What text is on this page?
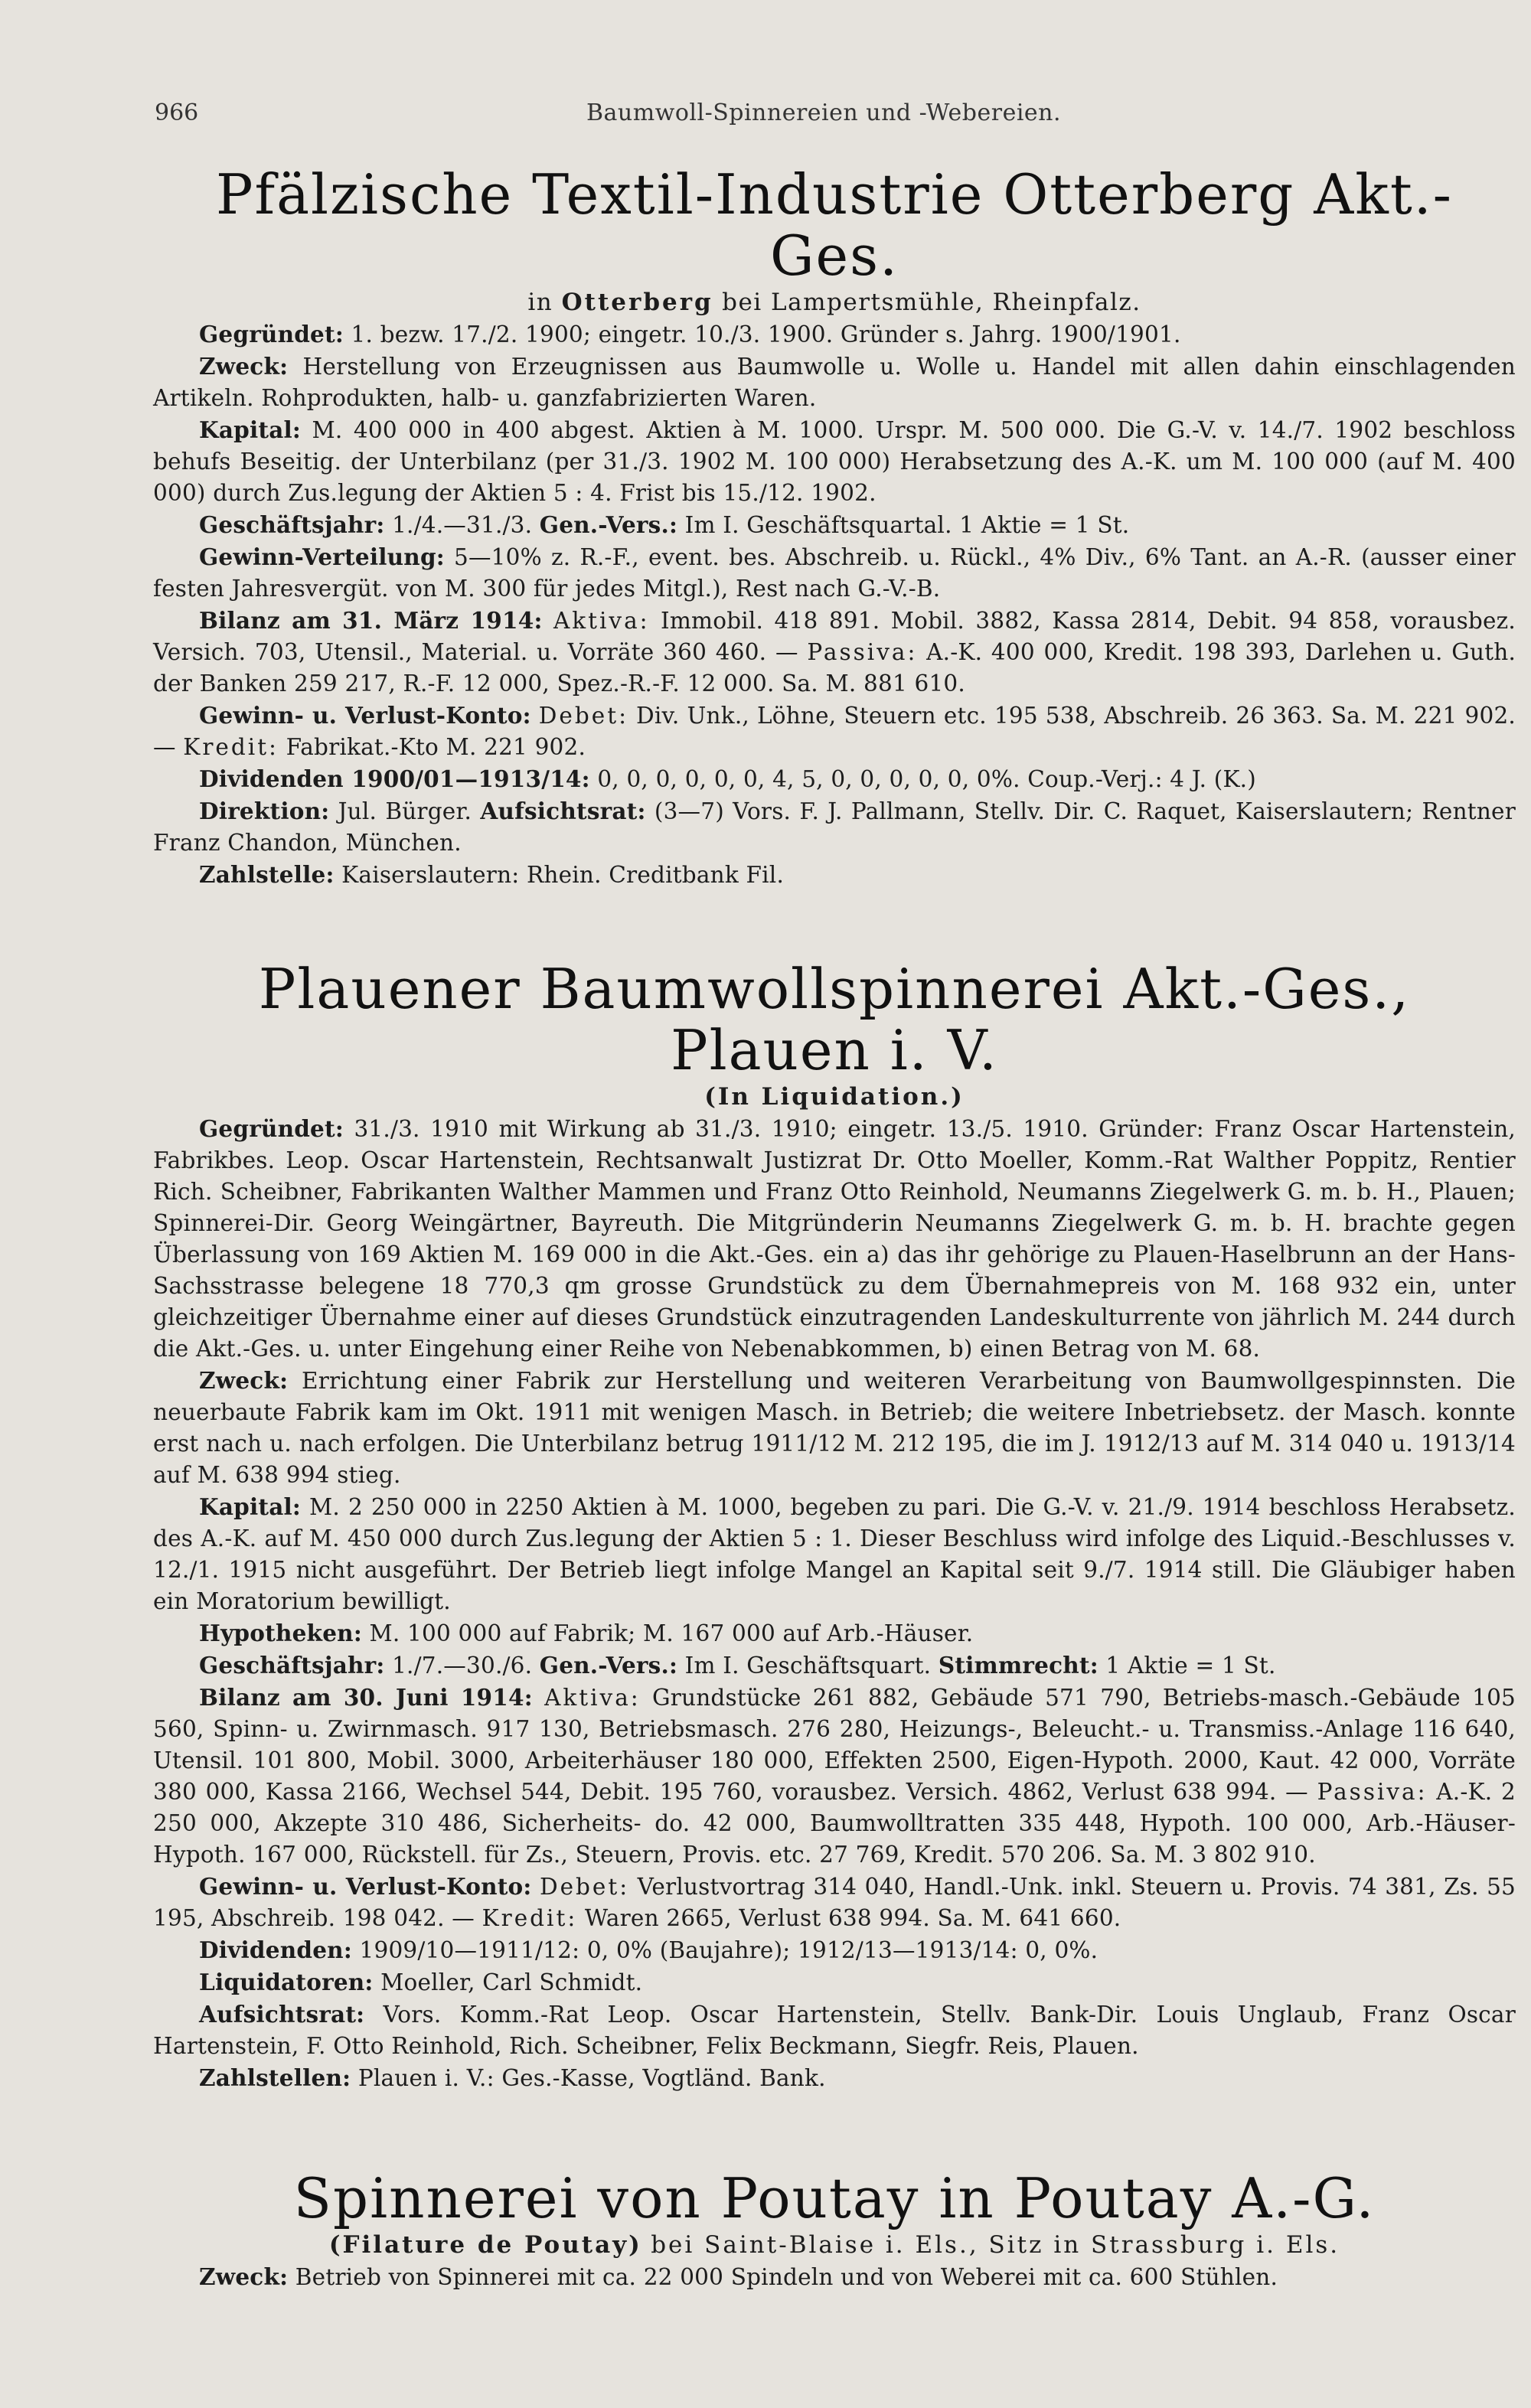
966	Baumwoll-Spinnereien und -Webereien.
Pfälzische Textil-Industrie Otterberg Akt.-Ges.
in Otterberg bei Lampertsmühle, Rheinpfalz.

Gegründet: 1. bezw. 17./2. 1900; eingetr. 10./3. 1900. Gründer s. Jahrg. 1900/1901.

Zweck: Herstellung von Erzeugnissen aus Baumwolle u. Wolle u. Handel mit allen dahin einschlagenden Artikeln. Rohprodukten, halb- u. ganzfabrizierten Waren.

Kapital: M. 400 000 in 400 abgest. Aktien à M. 1000. Urspr. M. 500 000. Die G.-V. v. 14./7. 1902 beschloss behufs Beseitig. der Unterbilanz (per 31./3. 1902 M. 100 000) Herabsetzung des A.-K. um M. 100 000 (auf M. 400 000) durch Zus.legung der Aktien 5 : 4. Frist bis 15./12. 1902.

Geschäftsjahr: 1./4.—31./3. Gen.-Vers.: Im I. Geschäftsquartal. 1 Aktie = 1 St.

Gewinn-Verteilung: 5—10% z. R.-F., event. bes. Abschreib. u. Rückl., 4% Div., 6% Tant. an A.-R. (ausser einer festen Jahresvergüt. von M. 300 für jedes Mitgl.), Rest nach G.-V.-B.

Bilanz am 31. März 1914: Aktiva: Immobil. 418 891. Mobil. 3882, Kassa 2814, Debit. 94 858, vorausbez. Versich. 703, Utensil., Material. u. Vorräte 360 460. — Passiva: A.-K. 400 000, Kredit. 198 393, Darlehen u. Guth. der Banken 259 217, R.-F. 12 000, Spez.-R.-F. 12 000. Sa. M. 881 610.

Gewinn- u. Verlust-Konto: Debet: Div. Unk., Löhne, Steuern etc. 195 538, Abschreib. 26 363. Sa. M. 221 902. — Kredit: Fabrikat.-Kto M. 221 902.

Dividenden 1900/01—1913/14: 0, 0, 0, 0, 0, 0, 4, 5, 0, 0, 0, 0, 0, 0%. Coup.-Verj.: 4 J. (K.)

Direktion: Jul. Bürger. Aufsichtsrat: (3—7) Vors. F. J. Pallmann, Stellv. Dir. C. Raquet, Kaiserslautern; Rentner Franz Chandon, München.

Zahlstelle: Kaiserslautern: Rhein. Creditbank Fil.

Plauener Baumwollspinnerei Akt.-Ges., Plauen i. V.
(In Liquidation.)

Gegründet: 31./3. 1910 mit Wirkung ab 31./3. 1910; eingetr. 13./5. 1910. Gründer: Franz Oscar Hartenstein, Fabrikbes. Leop. Oscar Hartenstein, Rechtsanwalt Justizrat Dr. Otto Moeller, Komm.-Rat Walther Poppitz, Rentier Rich. Scheibner, Fabrikanten Walther Mammen und Franz Otto Reinhold, Neumanns Ziegelwerk G. m. b. H., Plauen; Spinnerei-Dir. Georg Weingärtner, Bayreuth. Die Mitgründerin Neumanns Ziegelwerk G. m. b. H. brachte gegen Überlassung von 169 Aktien M. 169 000 in die Akt.-Ges. ein a) das ihr gehörige zu Plauen-Haselbrunn an der Hans-Sachsstrasse belegene 18 770,3 qm grosse Grundstück zu dem Übernahmepreis von M. 168 932 ein, unter gleichzeitiger Übernahme einer auf dieses Grundstück einzutragenden Landeskulturrente von jährlich M. 244 durch die Akt.-Ges. u. unter Eingehung einer Reihe von Nebenabkommen, b) einen Betrag von M. 68.

Zweck: Errichtung einer Fabrik zur Herstellung und weiteren Verarbeitung von Baumwollgespinnsten. Die neuerbaute Fabrik kam im Okt. 1911 mit wenigen Masch. in Betrieb; die weitere Inbetriebsetz. der Masch. konnte erst nach u. nach erfolgen. Die Unterbilanz betrug 1911/12 M. 212 195, die im J. 1912/13 auf M. 314 040 u. 1913/14 auf M. 638 994 stieg.

Kapital: M. 2 250 000 in 2250 Aktien à M. 1000, begeben zu pari. Die G.-V. v. 21./9. 1914 beschloss Herabsetz. des A.-K. auf M. 450 000 durch Zus.legung der Aktien 5 : 1. Dieser Beschluss wird infolge des Liquid.-Beschlusses v. 12./1. 1915 nicht ausgeführt. Der Betrieb liegt infolge Mangel an Kapital seit 9./7. 1914 still. Die Gläubiger haben ein Moratorium bewilligt.

Hypotheken: M. 100 000 auf Fabrik; M. 167 000 auf Arb.-Häuser.

Geschäftsjahr: 1./7.—30./6. Gen.-Vers.: Im I. Geschäftsquart. Stimmrecht: 1 Aktie = 1 St.

Bilanz am 30. Juni 1914: Aktiva: Grundstücke 261 882, Gebäude 571 790, Betriebs-masch.-Gebäude 105 560, Spinn- u. Zwirnmasch. 917 130, Betriebsmasch. 276 280, Heizungs-, Beleucht.- u. Transmiss.-Anlage 116 640, Utensil. 101 800, Mobil. 3000, Arbeiterhäuser 180 000, Effekten 2500, Eigen-Hypoth. 2000, Kaut. 42 000, Vorräte 380 000, Kassa 2166, Wechsel 544, Debit. 195 760, vorausbez. Versich. 4862, Verlust 638 994. — Passiva: A.-K. 2 250 000, Akzepte 310 486, Sicherheits- do. 42 000, Baumwolltratten 335 448, Hypoth. 100 000, Arb.-Häuser-Hypoth. 167 000, Rückstell. für Zs., Steuern, Provis. etc. 27 769, Kredit. 570 206. Sa. M. 3 802 910.

Gewinn- u. Verlust-Konto: Debet: Verlustvortrag 314 040, Handl.-Unk. inkl. Steuern u. Provis. 74 381, Zs. 55 195, Abschreib. 198 042. — Kredit: Waren 2665, Verlust 638 994. Sa. M. 641 660.

Dividenden: 1909/10—1911/12: 0, 0% (Baujahre); 1912/13—1913/14: 0, 0%.

Liquidatoren: Moeller, Carl Schmidt.

Aufsichtsrat: Vors. Komm.-Rat Leop. Oscar Hartenstein, Stellv. Bank-Dir. Louis Unglaub, Franz Oscar Hartenstein, F. Otto Reinhold, Rich. Scheibner, Felix Beckmann, Siegfr. Reis, Plauen.

Zahlstellen: Plauen i. V.: Ges.-Kasse, Vogtländ. Bank.

Spinnerei von Poutay in Poutay A.-G.
(Filature de Poutay) bei Saint-Blaise i. Els., Sitz in Strassburg i. Els.

Zweck: Betrieb von Spinnerei mit ca. 22 000 Spindeln und von Weberei mit ca. 600 Stühlen.
